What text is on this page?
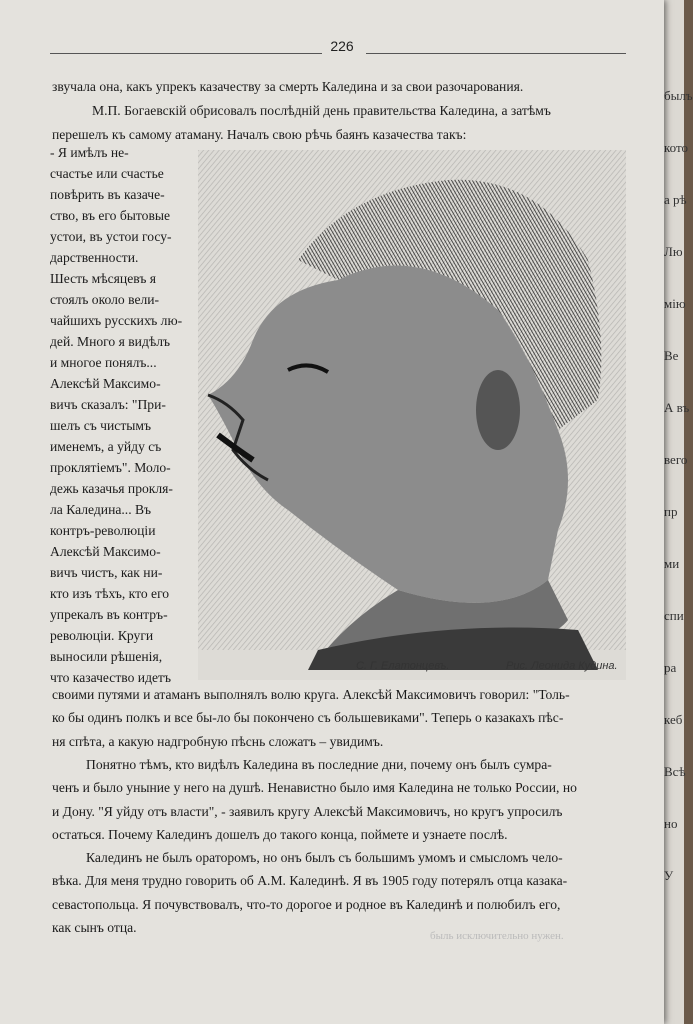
былъ
кото
а рѣ
Лю
мію
Ве
А въ
вего
пр
ми
спи
ра
кеб
Всѣ
но
У
226
звучала она, какъ упрекъ казачеству за смерть Каледина и за свои разочарования.
М.П. Богаевскій обрисовалъ послѣдній день правительства Каледина, а затѣмъ
перешелъ къ самому атаману. Началъ свою рѣчь баянъ казачества такъ:
- Я имѣлъ не-
счастье или счастье
повѣрить въ казаче-
ство, въ его бытовые
устои, въ устои госу-
дарственности.
Шесть мѣсяцевъ я
стоялъ около вели-
чайшихъ русскихъ лю-
дей. Много я видѣлъ
и многое понялъ...
Алексѣй Максимо-
вичъ сказалъ: "При-
шелъ съ чистымъ
именемъ, а уйду съ
проклятіемъ". Моло-
дежь казачья прокля-
ла Каледина... Въ
контръ-революціи
Алексѣй Максимо-
вичъ чистъ, как ни-
кто изъ тѣхъ, кто его
упрекалъ въ контръ-
революціи. Круги
выносили рѣшенія,
что казачество идетъ
С. Г. Елатонцевъ.	Рис. Леонида Кудина.
своими путями и атаманъ выполнялъ волю круга. Алексѣй Максимовичъ говорил: "Толь-
ко бы одинъ полкъ и все бы-ло бы покончено съ большевиками". Теперь о казакахъ пѣс-
ня спѣта, а какую надгробную пѣснь сложатъ – увидимъ.
Понятно тѣмъ, кто видѣлъ Каледина въ последние дни, почему онъ былъ сумра-
ченъ и было уныние у него на душѣ. Ненавистно было имя Каледина не только России, но
и Дону. "Я уйду отъ власти", - заявилъ кругу Алексѣй Максимовичъ, но кругъ упросилъ
остаться. Почему Калединъ дошелъ до такого конца, поймете и узнаете послѣ.
Калединъ не былъ ораторомъ, но онъ былъ съ большимъ умомъ и смысломъ чело-
вѣка. Для меня трудно говорить об А.М. Калединѣ. Я въ 1905 году потерялъ отца казака-
севастопольца. Я почувствовалъ, что-то дорогое и родное въ Калединѣ и полюбилъ его,
как сынъ отца.
быль исключительно нужен.
